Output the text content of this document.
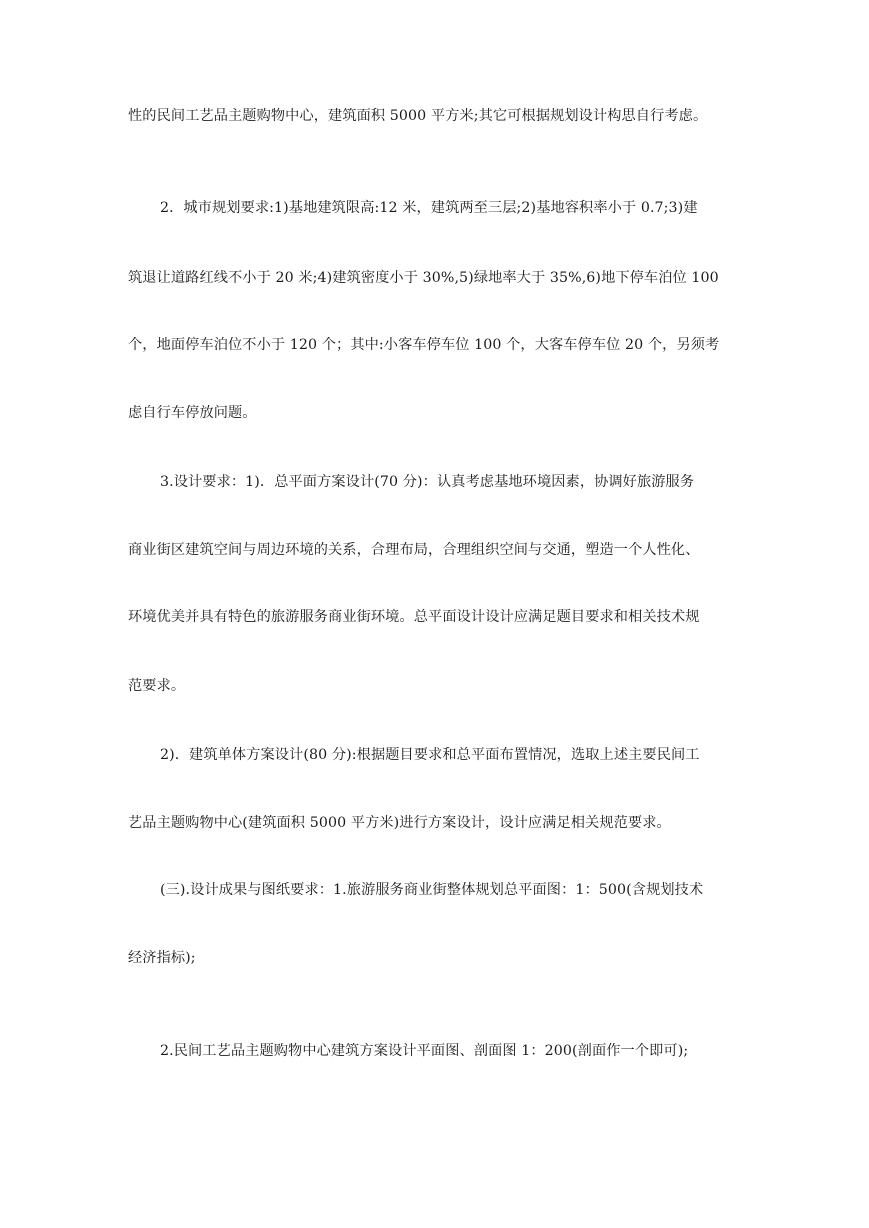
性的民间工艺品主题购物中心，建筑面积 5000 平方米;其它可根据规划设计构思自行考虑。
2．城市规划要求:1)基地建筑限高:12 米，建筑两至三层;2)基地容积率小于 0.7;3)建
筑退让道路红线不小于 20 米;4)建筑密度小于 30%,5)绿地率大于 35%,6)地下停车泊位 100
个，地面停车泊位不小于 120 个；其中:小客车停车位 100 个，大客车停车位 20 个，另须考
虑自行车停放问题。
3.设计要求：1)．总平面方案设计(70 分)：认真考虑基地环境因素，协调好旅游服务
商业街区建筑空间与周边环境的关系，合理布局，合理组织空间与交通，塑造一个人性化、
环境优美并具有特色的旅游服务商业街环境。总平面设计设计应满足题目要求和相关技术规
范要求。
2)．建筑单体方案设计(80 分):根据题目要求和总平面布置情况，选取上述主要民间工
艺品主题购物中心(建筑面积 5000 平方米)进行方案设计，设计应满足相关规范要求。
(三).设计成果与图纸要求：1.旅游服务商业街整体规划总平面图：1：500(含规划技术
经济指标);
2.民间工艺品主题购物中心建筑方案设计平面图、剖面图 1：200(剖面作一个即可);
